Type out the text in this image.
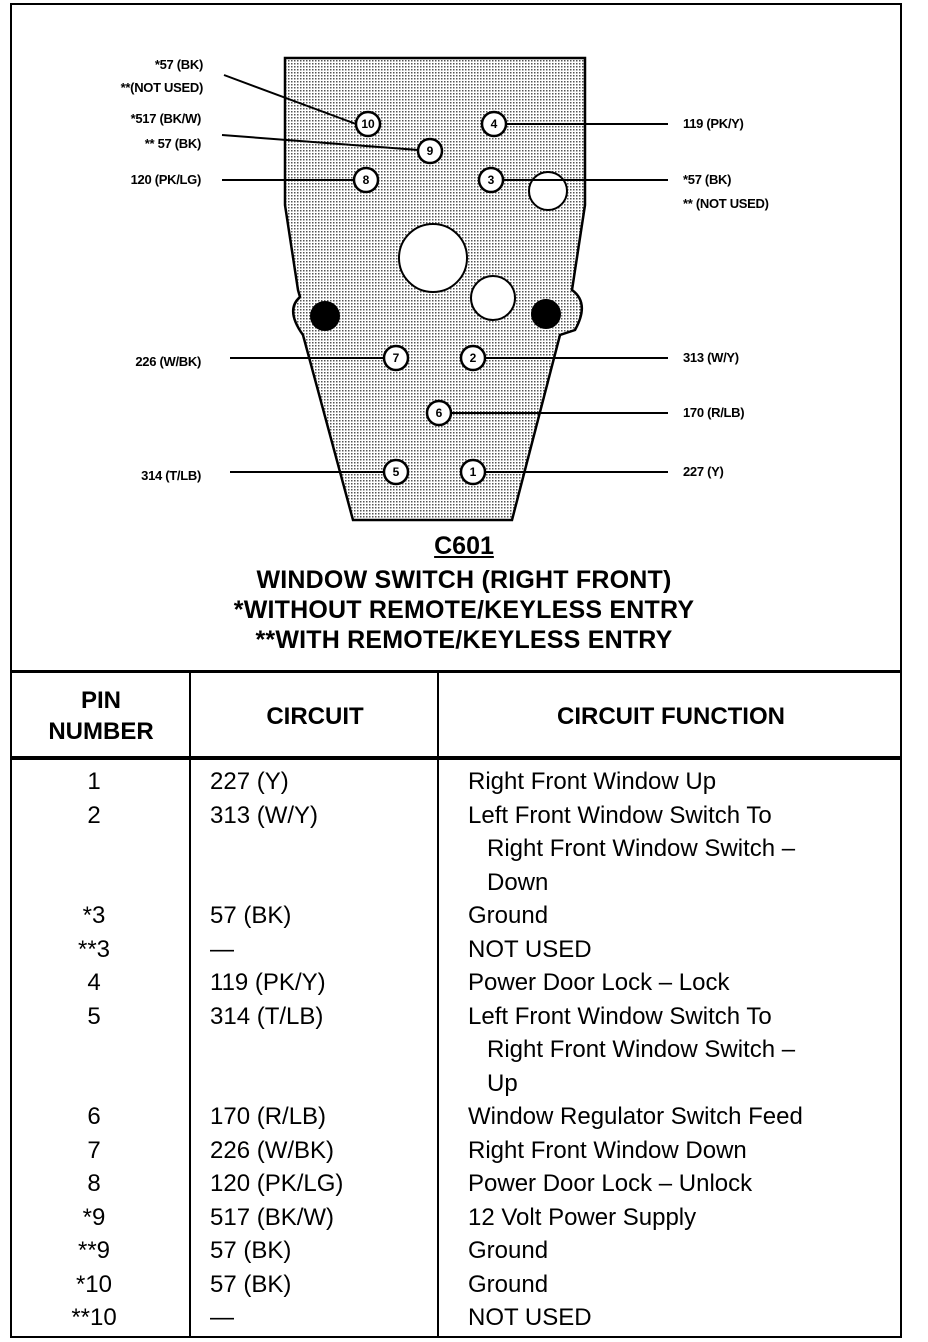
10
9
8
4
3
7	2
6
5	1
*57 (BK)
**(NOT USED)
*517 (BK/W)
** 57 (BK)
120 (PK/LG)
226 (W/BK)
314 (T/LB)
119 (PK/Y)
*57 (BK)
** (NOT USED)
313 (W/Y)
170 (R/LB)
227 (Y)
C601
WINDOW SWITCH (RIGHT FRONT)
*WITHOUT REMOTE/KEYLESS ENTRY
**WITH REMOTE/KEYLESS ENTRY
PIN NUMBER
CIRCUIT	CIRCUIT FUNCTION
1	227 (Y)	Right Front Window Up
2	313 (W/Y)	Left Front Window Switch To
Right Front Window Switch –
Down
*3	57 (BK)	Ground
**3	—	NOT USED
4	119 (PK/Y)	Power Door Lock – Lock
5	314 (T/LB)	Left Front Window Switch To
Right Front Window Switch –
Up
6	170 (R/LB)	Window Regulator Switch Feed
7	226 (W/BK)	Right Front Window Down
8	120 (PK/LG)	Power Door Lock – Unlock
*9	517 (BK/W)	12 Volt Power Supply
**9	57 (BK)	Ground
*10	57 (BK)	Ground
**10	—	NOT USED
